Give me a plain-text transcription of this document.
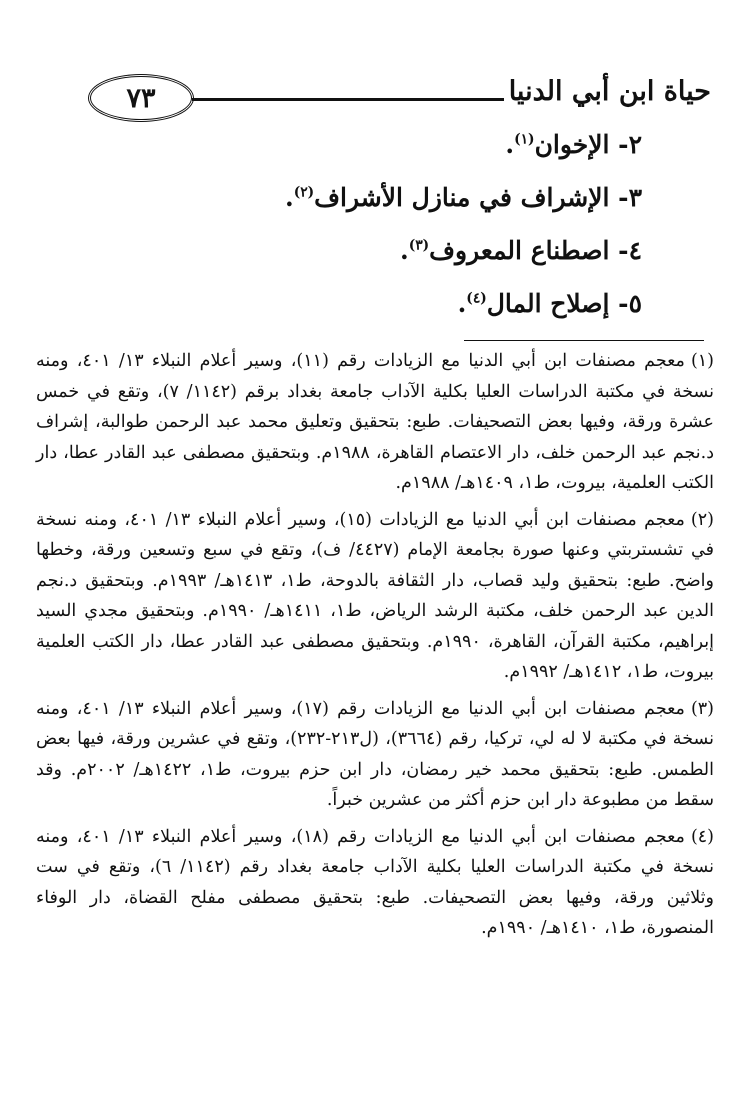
٧٣	حياة ابن أبي الدنيا
٢- الإخوان$^{(١)}$.
٣- الإشراف في منازل الأشراف$^{(٢)}$.
٤- اصطناع المعروف$^{(٣)}$.
٥- إصلاح المال$^{(٤)}$.

(١)معجم مصنفات ابن أبي الدنيا مع الزيادات رقم (١١)، وسير أعلام النبلاء ١٣/ ٤٠١، ومنه نسخة في مكتبة الدراسات العليا بكلية الآداب جامعة بغداد برقم (١١٤٢/ ٧)، وتقع في خمس عشرة ورقة، وفيها بعض التصحيفات. طبع: بتحقيق وتعليق محمد عبد الرحمن طوالبة، إشراف د.نجم عبد الرحمن خلف، دار الاعتصام القاهرة، ١٩٨٨م. وبتحقيق مصطفى عبد القادر عطا، دار الكتب العلمية، بيروت، ط١، ١٤٠٩هـ/ ١٩٨٨م.

(٢)معجم مصنفات ابن أبي الدنيا مع الزيادات (١٥)، وسير أعلام النبلاء ١٣/ ٤٠١، ومنه نسخة في تشستربتي وعنها صورة بجامعة الإمام (٤٤٢٧/ ف)، وتقع في سبع وتسعين ورقة، وخطها واضح. طبع: بتحقيق وليد قصاب، دار الثقافة بالدوحة، ط١، ١٤١٣هـ/ ١٩٩٣م. وبتحقيق د.نجم الدين عبد الرحمن خلف، مكتبة الرشد الرياض، ط١، ١٤١١هـ/ ١٩٩٠م. وبتحقيق مجدي السيد إبراهيم، مكتبة القرآن، القاهرة، ١٩٩٠م. وبتحقيق مصطفى عبد القادر عطا، دار الكتب العلمية بيروت، ط١، ١٤١٢هـ/ ١٩٩٢م.

(٣)معجم مصنفات ابن أبي الدنيا مع الزيادات رقم (١٧)، وسير أعلام النبلاء ١٣/ ٤٠١، ومنه نسخة في مكتبة لا له لي، تركيا، رقم (٣٦٦٤)، (ل٢١٣-٢٣٢)، وتقع في عشرين ورقة، فيها بعض الطمس. طبع: بتحقيق محمد خير رمضان، دار ابن حزم بيروت، ط١، ١٤٢٢هـ/ ٢٠٠٢م. وقد سقط من مطبوعة دار ابن حزم أكثر من عشرين خبراً.

(٤)معجم مصنفات ابن أبي الدنيا مع الزيادات رقم (١٨)، وسير أعلام النبلاء ١٣/ ٤٠١، ومنه نسخة في مكتبة الدراسات العليا بكلية الآداب جامعة بغداد رقم (١١٤٢/ ٦)، وتقع في ست وثلاثين ورقة، وفيها بعض التصحيفات. طبع: بتحقيق مصطفى مفلح القضاة، دار الوفاء المنصورة، ط١، ١٤١٠هـ/ ١٩٩٠م.
